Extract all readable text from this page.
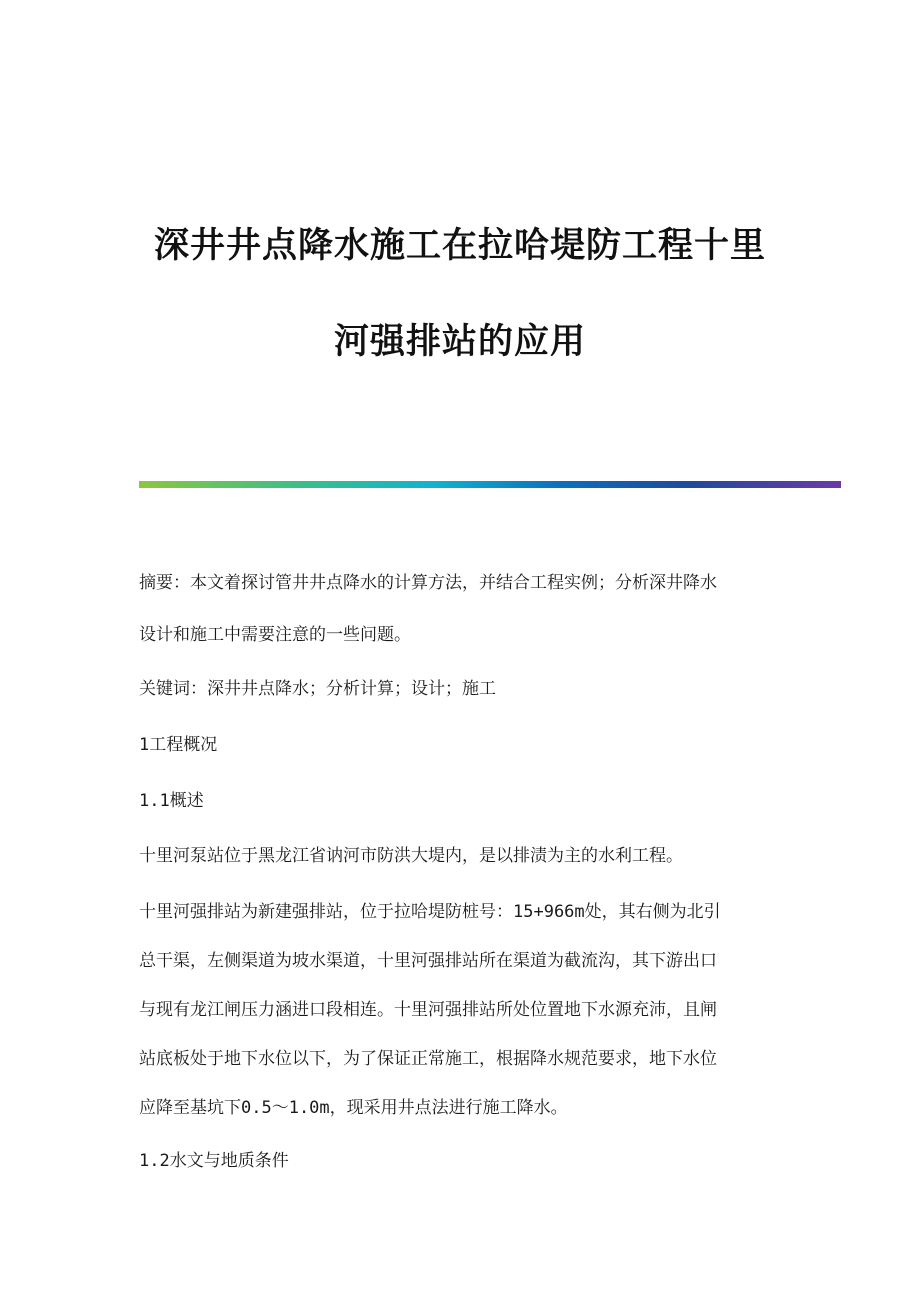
深井井点降水施工在拉哈堤防工程十里
河强排站的应用

摘要：本文着探讨管井井点降水的计算方法，并结合工程实例；分析深井降水

设计和施工中需要注意的一些问题。

关键词：深井井点降水；分析计算；设计；施工

1工程概况

1.1概述

十里河泵站位于黑龙江省讷河市防洪大堤内，是以排渍为主的水利工程。

十里河强排站为新建强排站，位于拉哈堤防桩号：15+966m处，其右侧为北引

总干渠，左侧渠道为坡水渠道，十里河强排站所在渠道为截流沟，其下游出口

与现有龙江闸压力涵进口段相连。十里河强排站所处位置地下水源充沛，且闸

站底板处于地下水位以下，为了保证正常施工，根据降水规范要求，地下水位

应降至基坑下0.5～1.0m，现采用井点法进行施工降水。

1.2水文与地质条件
